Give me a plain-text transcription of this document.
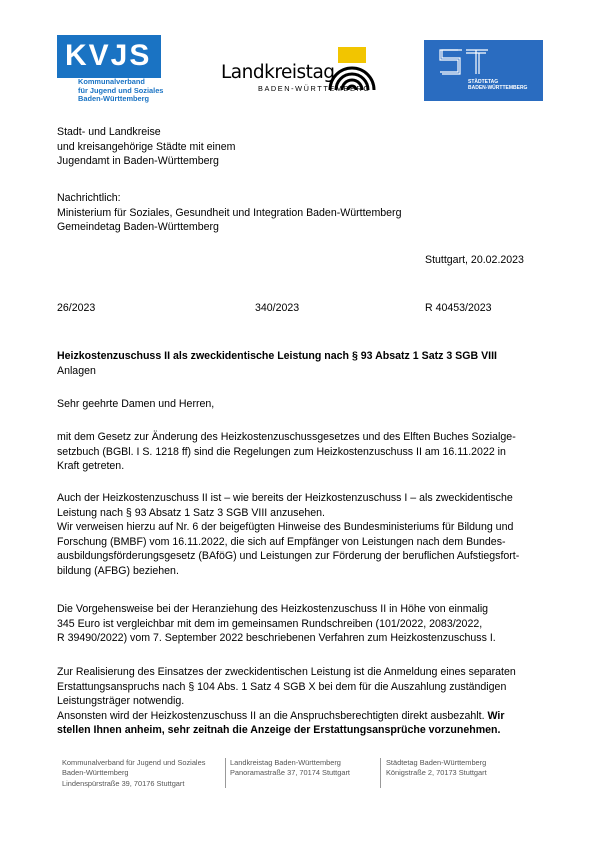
KVJS
Kommunalverband
für Jugend und Soziales
Baden-Württemberg
Landkreistag
BADEN-WÜRTTEMBERG
STÄDTETAG
BADEN-WÜRTTEMBERG
Stadt- und Landkreise
und kreisangehörige Städte mit einem
Jugendamt in Baden-Württemberg
Nachrichtlich:
Ministerium für Soziales, Gesundheit und Integration Baden-Württemberg
Gemeindetag Baden-Württemberg
Stuttgart, 20.02.2023
26/2023	340/2023	R 40453/2023
Heizkostenzuschuss II als zweckidentische Leistung nach § 93 Absatz 1 Satz 3 SGB VIII
Anlagen
Sehr geehrte Damen und Herren,
mit dem Gesetz zur Änderung des Heizkostenzuschussgesetzes und des Elften Buches Sozialge-
setzbuch (BGBl. I S. 1218 ff) sind die Regelungen zum Heizkostenzuschuss II am 16.11.2022 in
Kraft getreten.
Auch der Heizkostenzuschuss II ist – wie bereits der Heizkostenzuschuss I – als zweckidentische
Leistung nach § 93 Absatz 1 Satz 3 SGB VIII anzusehen.
Wir verweisen hierzu auf Nr. 6 der beigefügten Hinweise des Bundesministeriums für Bildung und
Forschung (BMBF) vom 16.11.2022, die sich auf Empfänger von Leistungen nach dem Bundes-
ausbildungsförderungsgesetz (BAföG) und Leistungen zur Förderung der beruflichen Aufstiegsfort-
bildung (AFBG) beziehen.
Die Vorgehensweise bei der Heranziehung des Heizkostenzuschuss II in Höhe von einmalig
345 Euro ist vergleichbar mit dem im gemeinsamen Rundschreiben (101/2022, 2083/2022,
R 39490/2022) vom 7. September 2022 beschriebenen Verfahren zum Heizkostenzuschuss I.
Zur Realisierung des Einsatzes der zweckidentischen Leistung ist die Anmeldung eines separaten
Erstattungsanspruchs nach § 104 Abs. 1 Satz 4 SGB X bei dem für die Auszahlung zuständigen
Leistungsträger notwendig.
Ansonsten wird der Heizkostenzuschuss II an die Anspruchsberechtigten direkt ausbezahlt. Wir
stellen Ihnen anheim, sehr zeitnah die Anzeige der Erstattungsansprüche vorzunehmen.
Kommunalverband für Jugend und Soziales
Baden-Württemberg
Lindenspürstraße 39, 70176 Stuttgart
Landkreistag Baden-Württemberg
Panoramastraße 37, 70174 Stuttgart
Städtetag Baden-Württemberg
Königstraße 2, 70173 Stuttgart
